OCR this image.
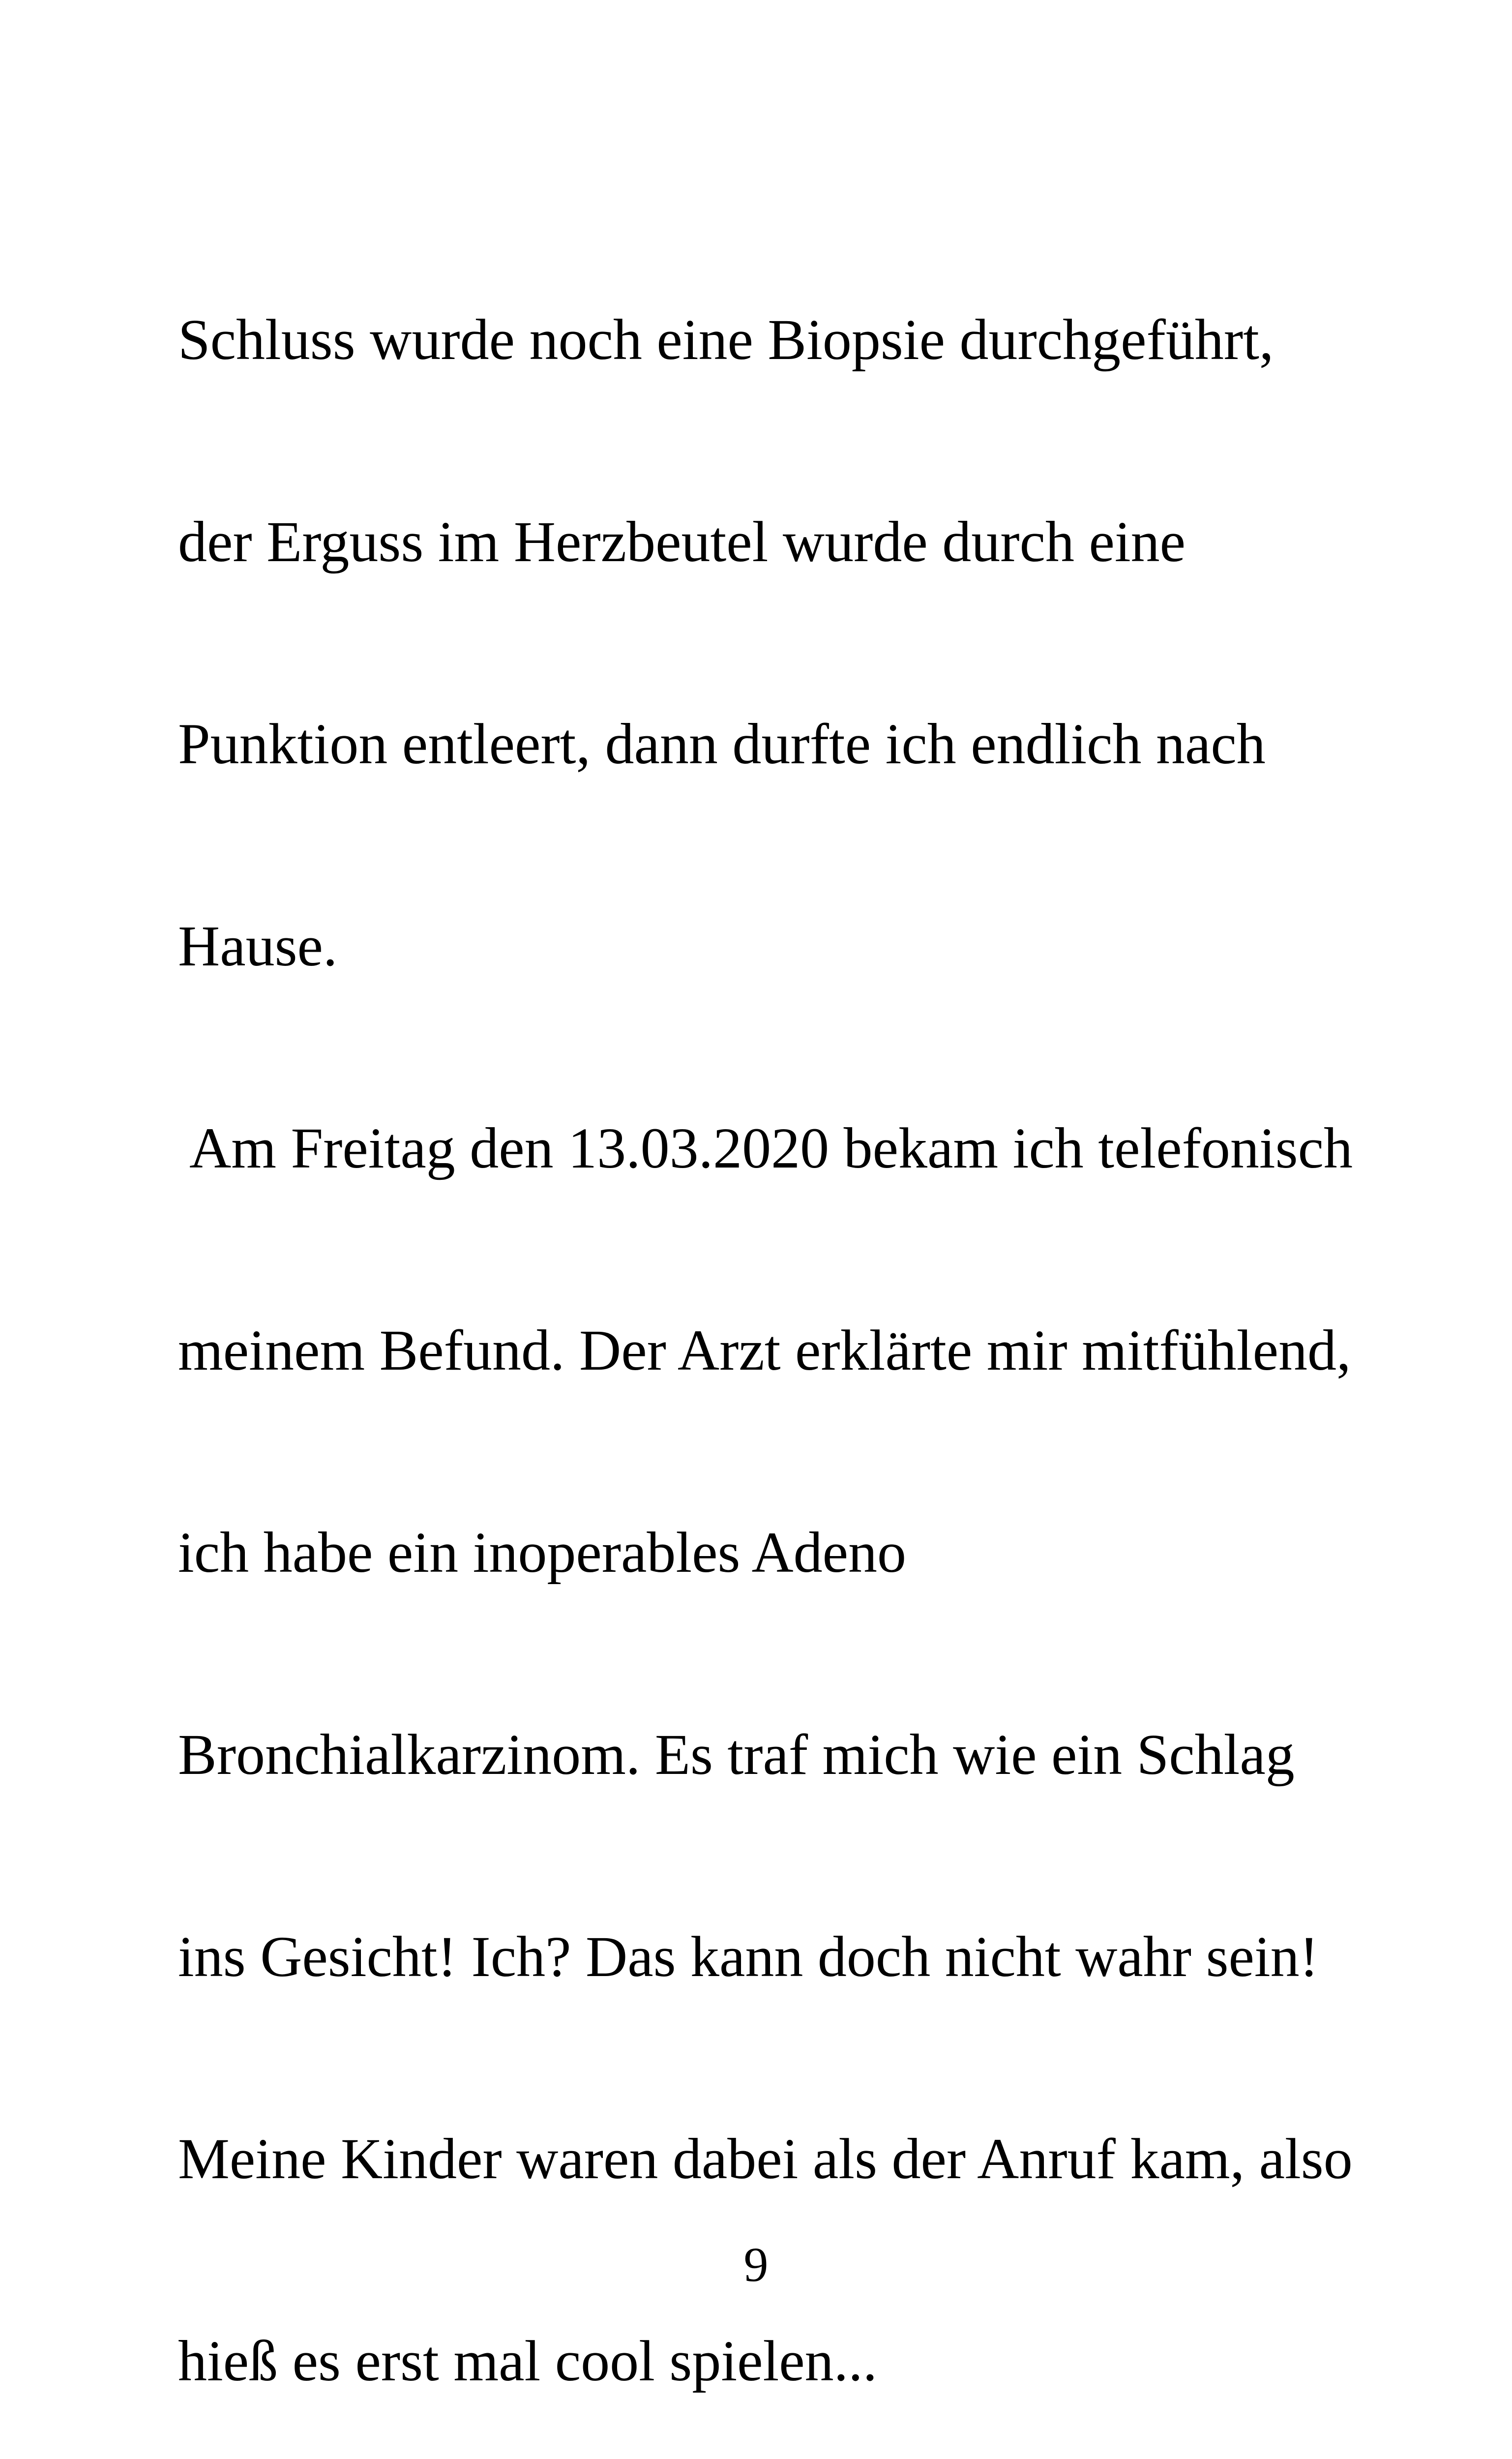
Schluss wurde noch eine Biopsie durchgeführt,

der Erguss im Herzbeutel wurde durch eine

Punktion entleert, dann durfte ich endlich nach

Hause.

Am Freitag den 13.03.2020 bekam ich telefonisch

meinem Befund. Der Arzt erklärte mir mitfühlend,

ich habe ein inoperables Adeno

Bronchialkarzinom. Es traf mich wie ein Schlag

ins Gesicht! Ich? Das kann doch nicht wahr sein!

Meine Kinder waren dabei als der Anruf kam, also

hieß es erst mal cool spielen...

9
